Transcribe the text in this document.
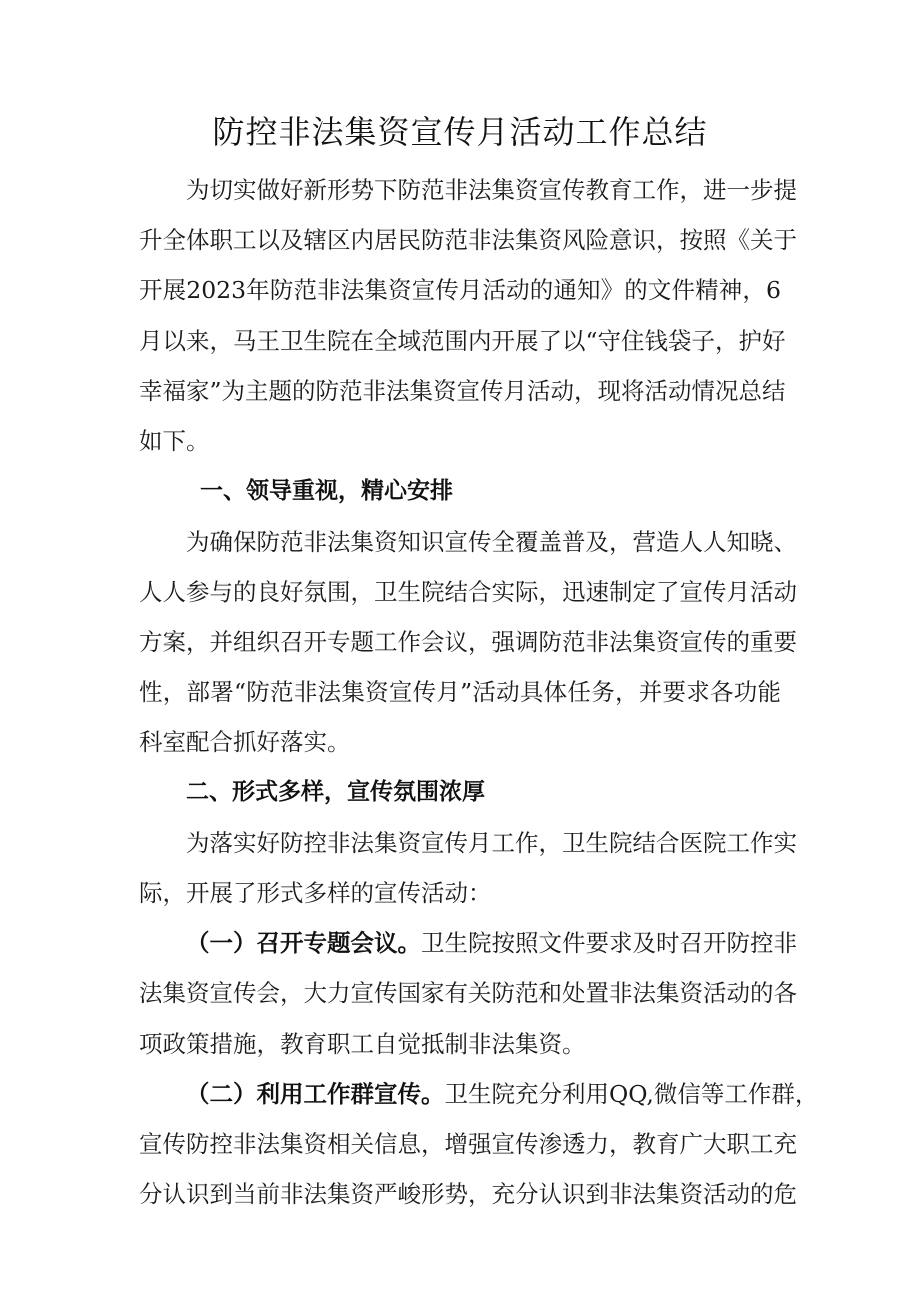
防控非法集资宣传月活动工作总结
为切实做好新形势下防范非法集资宣传教育工作，进一步提
升全体职工以及辖区内居民防范非法集资风险意识，按照《关于
开展2023年防范非法集资宣传月活动的通知》的文件精神，6
月以来，马王卫生院在全域范围内开展了以“守住钱袋子，护好
幸福家”为主题的防范非法集资宣传月活动，现将活动情况总结
如下。
一、领导重视，精心安排
为确保防范非法集资知识宣传全覆盖普及，营造人人知晓、
人人参与的良好氛围，卫生院结合实际，迅速制定了宣传月活动
方案，并组织召开专题工作会议，强调防范非法集资宣传的重要
性，部署“防范非法集资宣传月”活动具体任务，并要求各功能
科室配合抓好落实。
二、形式多样，宣传氛围浓厚
为落实好防控非法集资宣传月工作，卫生院结合医院工作实
际，开展了形式多样的宣传活动：
（一）召开专题会议。卫生院按照文件要求及时召开防控非
法集资宣传会，大力宣传国家有关防范和处置非法集资活动的各
项政策措施，教育职工自觉抵制非法集资。
（二）利用工作群宣传。卫生院充分利用QQ,微信等工作群，
宣传防控非法集资相关信息，增强宣传渗透力，教育广大职工充
分认识到当前非法集资严峻形势，充分认识到非法集资活动的危
